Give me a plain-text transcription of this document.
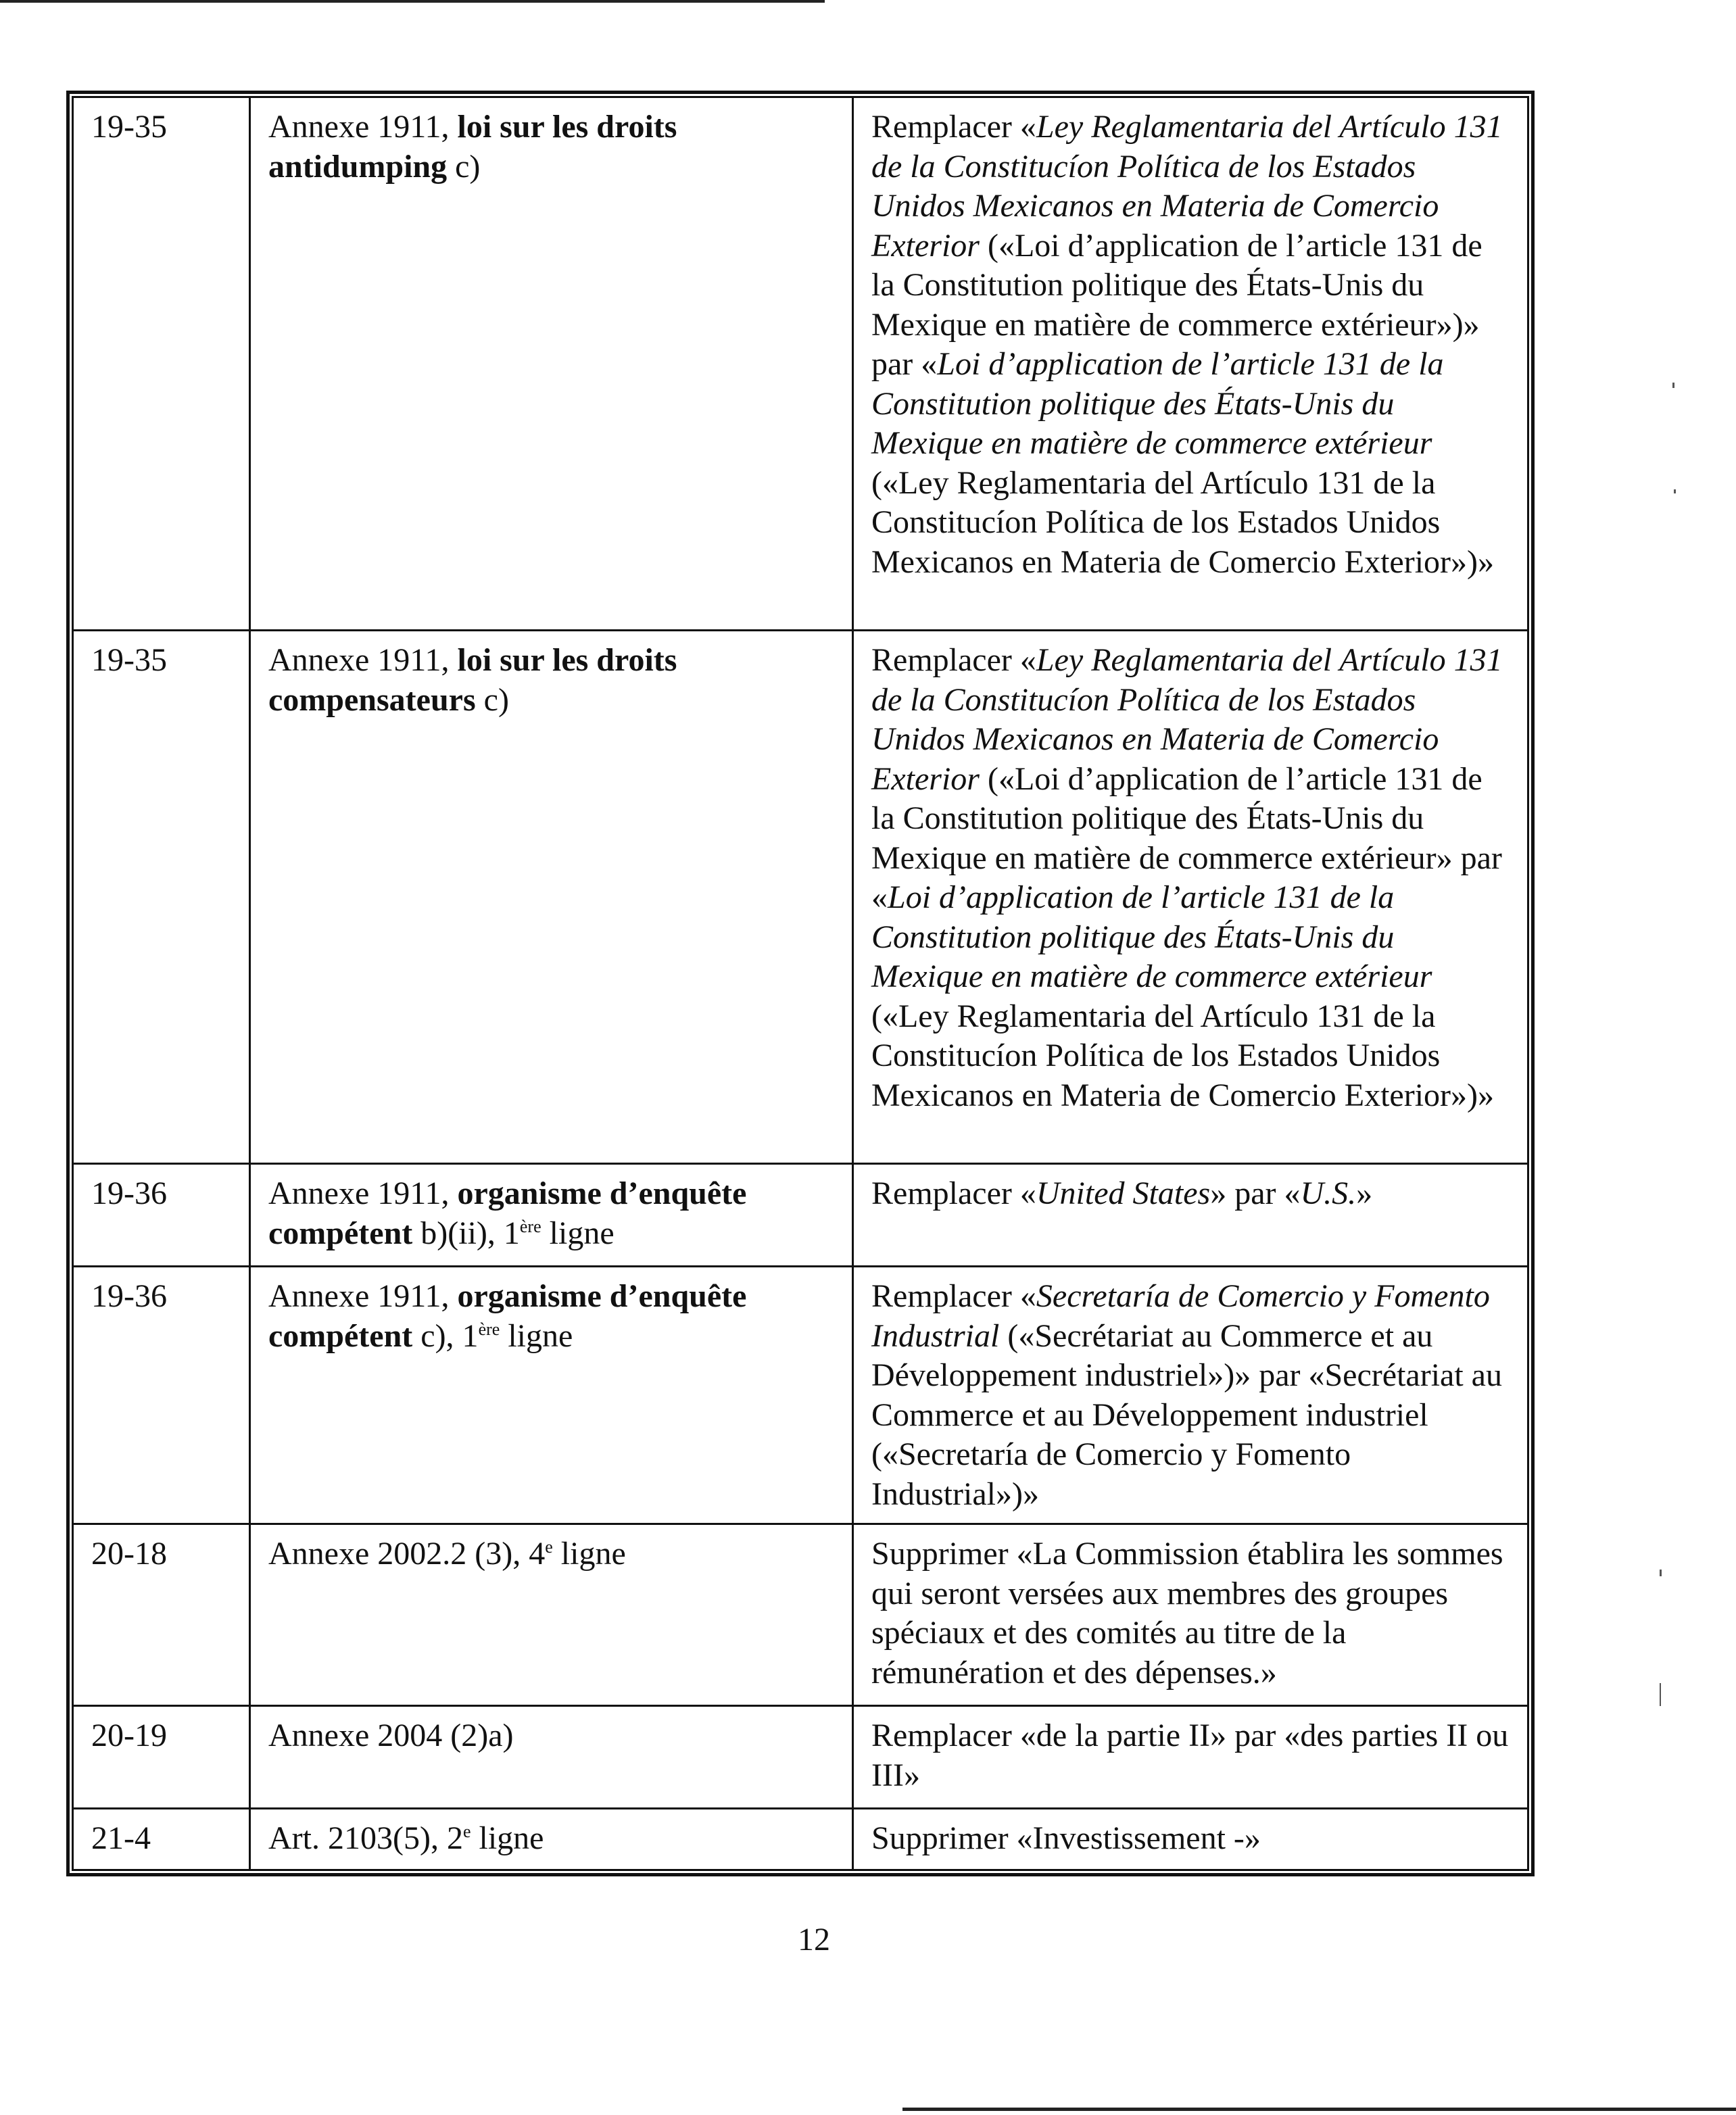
19-35	Annexe 1911, loi sur les droits antidumping c)	Remplacer «Ley Reglamentaria del Artículo 131 de la Constitucíon Políticа de los Estados Unidos Mexicanos en Materia de Comercio Exterior («Loi d’application de l’article 131 de la Constitution politique des États-Unis du Mexique en matière de commerce extérieur»)» par «Loi d’application de l’article 131 de la Constitution politique des États-Unis du Mexique en matière de commerce extérieur («Ley Reglamentaria del Artículo 131 de la Constitucíon Política de los Estados Unidos Mexicanos en Materia de Comercio Exterior»)»
19-35	Annexe 1911, loi sur les droits compensateurs c)	Remplacer «Ley Reglamentaria del Artículo 131 de la Constitucíon Políticа de los Estados Unidos Mexicanos en Materia de Comercio Exterior («Loi d’application de l’article 131 de la Constitution politique des États-Unis du Mexique en matière de commerce extérieur» par «Loi d’application de l’article 131 de la Constitution politique des États-Unis du Mexique en matière de commerce extérieur («Ley Reglamentaria del Artículo 131 de la Constitucíon Política de los Estados Unidos Mexicanos en Materia de Comercio Exterior»)»
19-36	Annexe 1911, organisme d’enquête compétent b)(ii), 1ère ligne	Remplacer «United States» par «U.S.»
19-36	Annexe 1911, organisme d’enquête compétent c), 1ère ligne	Remplacer «Secretaría de Comercio y Fomento Industrial («Secrétariat au Commerce et au Développement industriel»)» par «Secrétariat au Commerce et au Développement industriel («Secretaría de Comercio y Fomento Industrial»)»
20-18	Annexe 2002.2 (3), 4e ligne	Supprimer «La Commission établira les sommes qui seront versées aux membres des groupes spéciaux et des comités au titre de la rémunération et des dépenses.»
20-19	Annexe 2004 (2)a)	Remplacer «de la partie II» par «des parties II ou III»
21-4	Art. 2103(5), 2e ligne	Supprimer «Investissement -»
12
